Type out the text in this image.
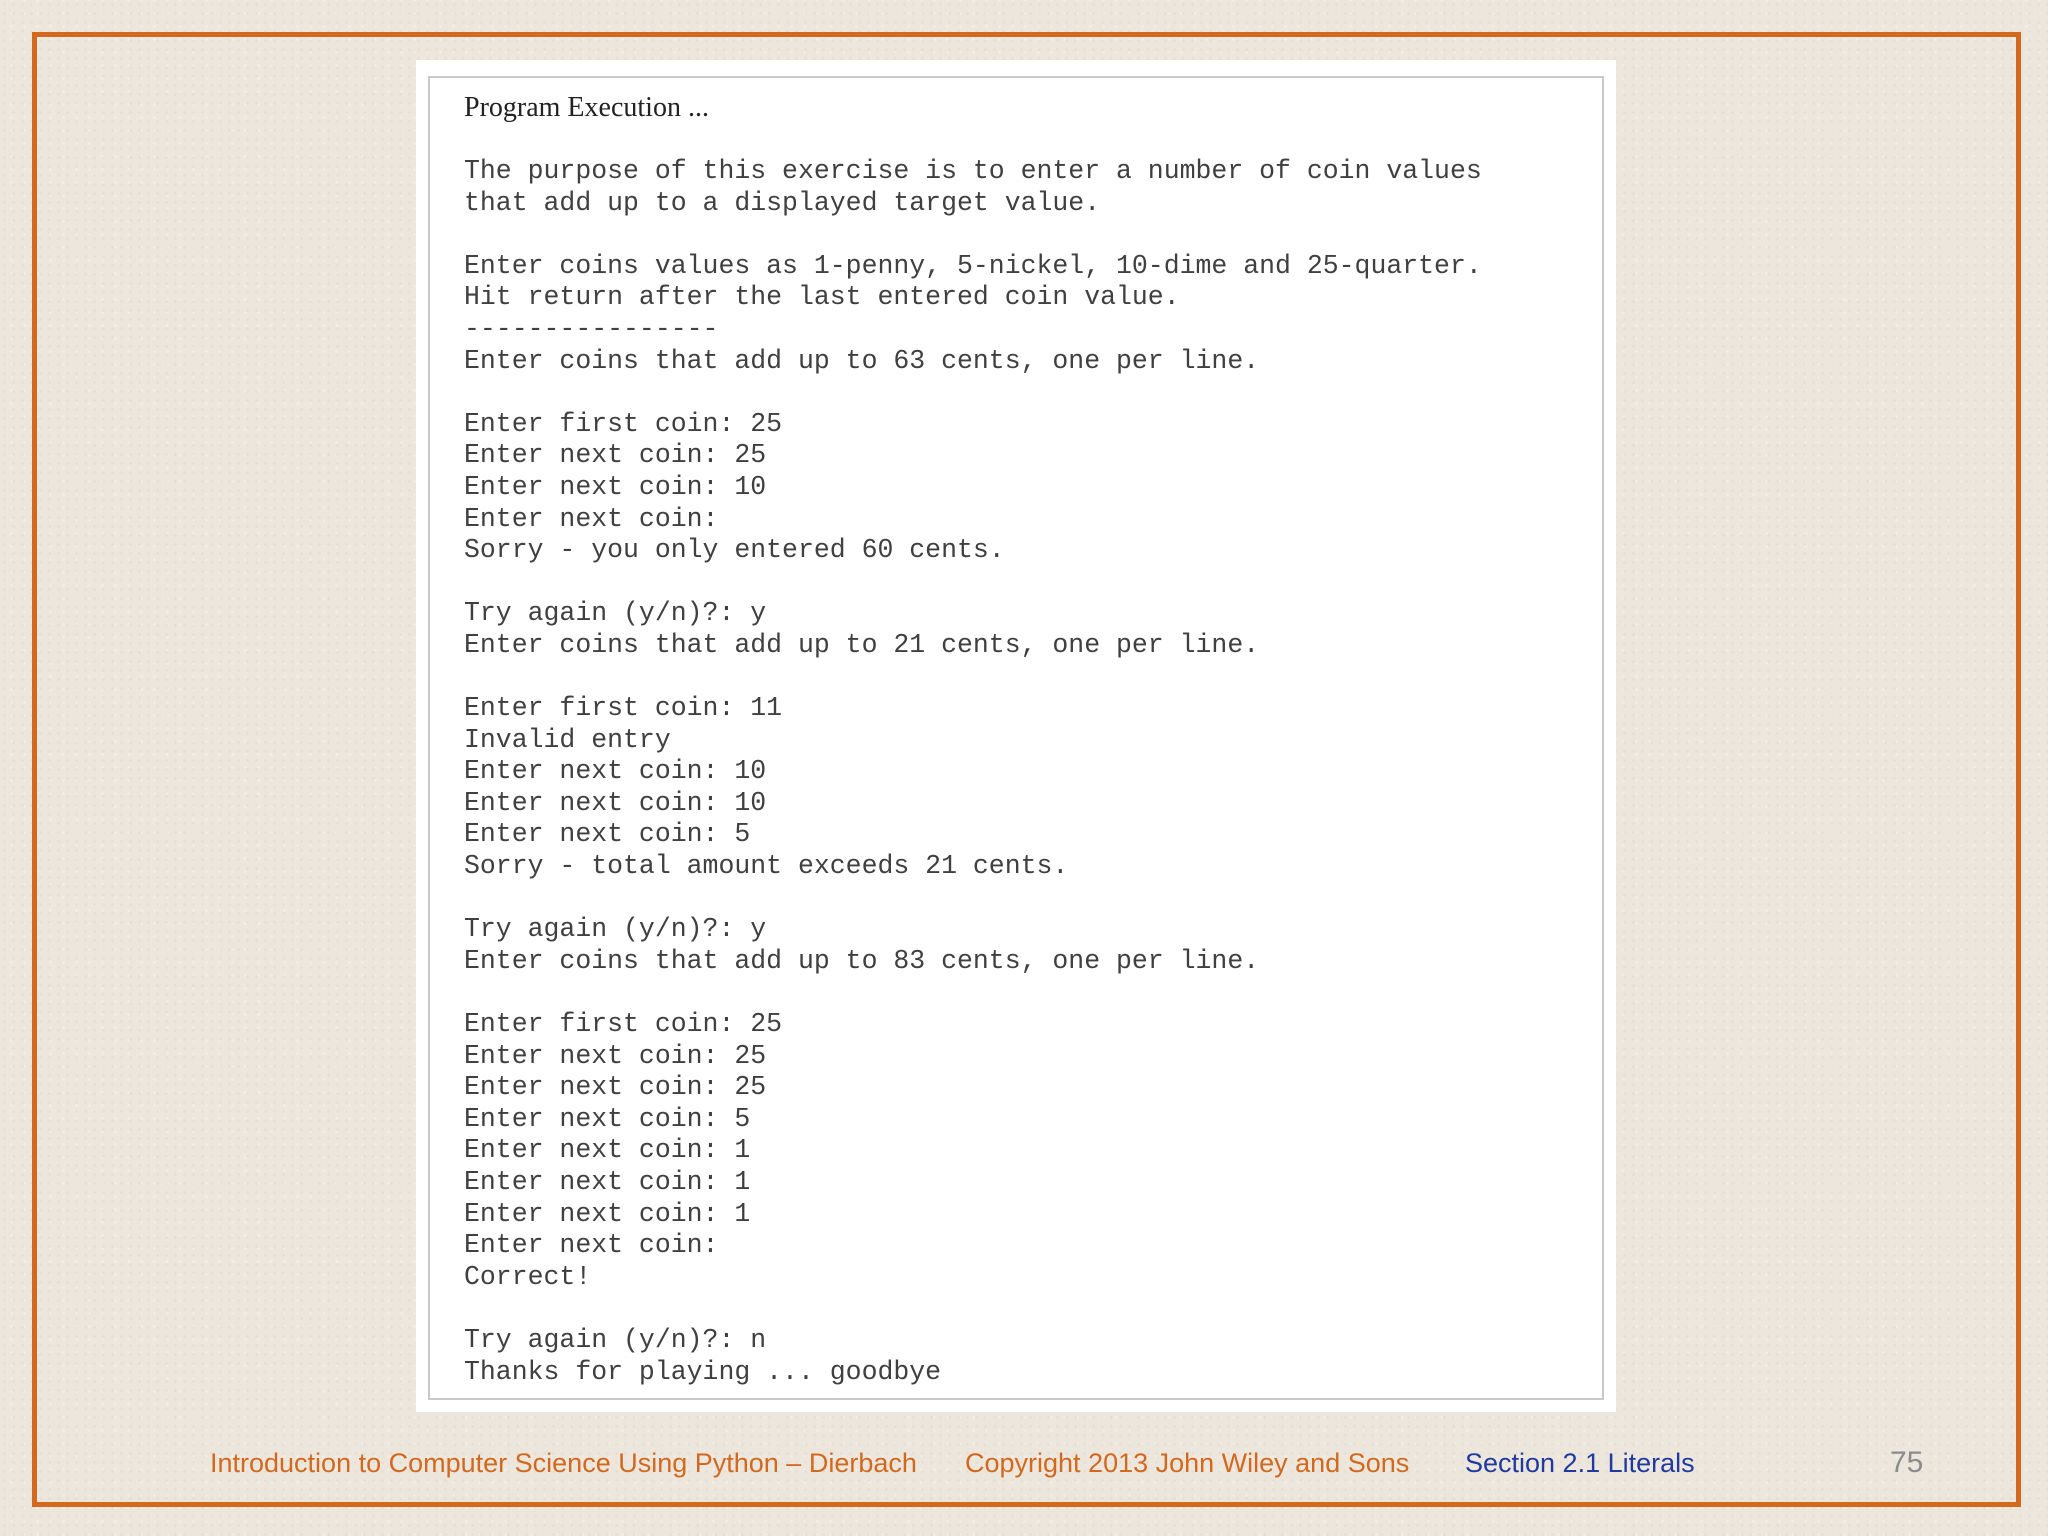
Program Execution ...
The purpose of this exercise is to enter a number of coin values
that add up to a displayed target value.
Enter coins values as 1-penny, 5-nickel, 10-dime and 25-quarter.
Hit return after the last entered coin value.
----------------
Enter coins that add up to 63 cents, one per line.
Enter first coin: 25
Enter next coin: 25
Enter next coin: 10
Enter next coin:
Sorry - you only entered 60 cents.
Try again (y/n)?: y
Enter coins that add up to 21 cents, one per line.
Enter first coin: 11
Invalid entry
Enter next coin: 10
Enter next coin: 10
Enter next coin: 5
Sorry - total amount exceeds 21 cents.
Try again (y/n)?: y
Enter coins that add up to 83 cents, one per line.
Enter first coin: 25
Enter next coin: 25
Enter next coin: 25
Enter next coin: 5
Enter next coin: 1
Enter next coin: 1
Enter next coin: 1
Enter next coin:
Correct!
Try again (y/n)?: n
Thanks for playing ... goodbye
Introduction to Computer Science Using Python – Dierbach Copyright 2013 John Wiley and Sons Section 2.1 Literals	75
